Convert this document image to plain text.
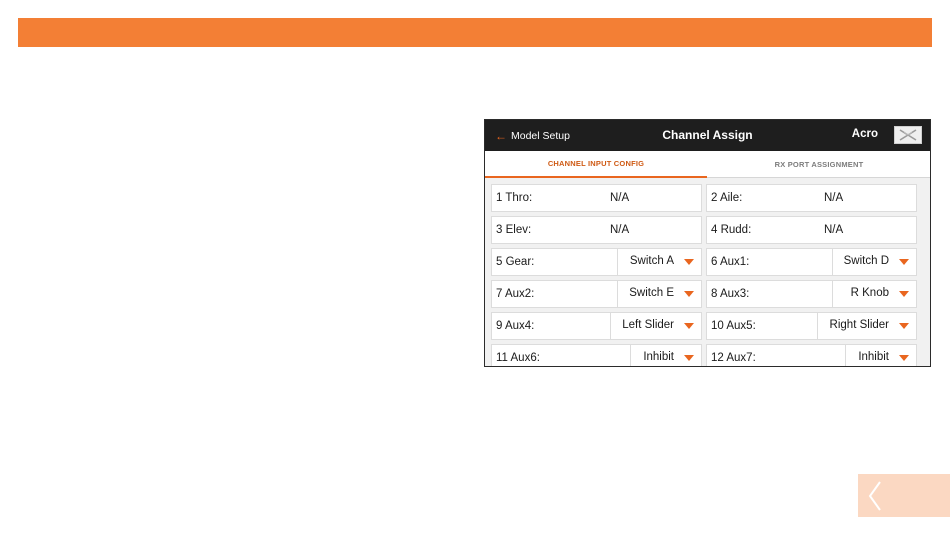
← Model Setup	Channel Assign	Acro
CHANNEL INPUT CONFIG	RX PORT ASSIGNMENT
1 Thro:	N/A	2 Aile:	N/A
3 Elev:	N/A	4 Rudd:	N/A
5 Gear:	Switch A	6 Aux1:	Switch D
7 Aux2:	Switch E	8 Aux3:	R Knob
9 Aux4:	Left Slider	10 Aux5:	Right Slider
11 Aux6:	Inhibit	12 Aux7:	Inhibit
